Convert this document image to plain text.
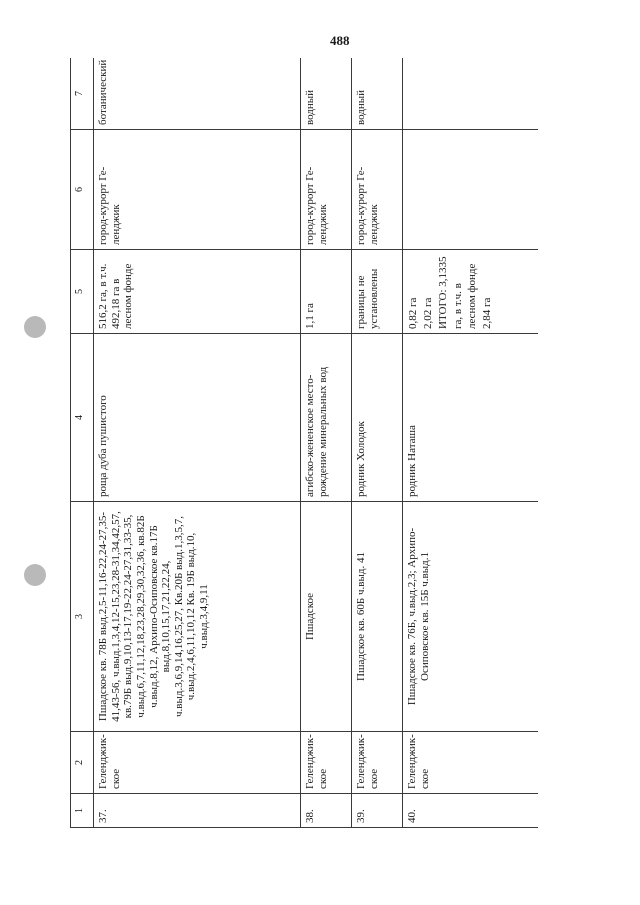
488
1	2	3	4	5	6	7
37.	Геленджик-ское	Пшадское кв. 78Б выд.2,5-11,16-22,24-27,35-41,43-56, ч.выд.1,3,4,12-15,23,28-31,34,42,57, кв.79Б выд.9,10,13-17,19-22,24-27,31,33-35, ч.выд.6,7,11,12,18,23,28,29,30,32,36, кв.82Б ч.выд.8,12, Архипо-Осиповское кв.17Б выд.8,10,15,17,21,22,24, ч.выд.3,6,9,14,16,25,27, Кв.20Б выд.1,3,5,7, ч.выд.2,4,6,11,10,12 Кв. 19Б выд.10, ч.выд.3,4,9,11	роща дуба пушистого	516,2 га, в т.ч. 492,18 га в лесном фонде	город-курорт Ге-ленджик	ботанический
38.	Геленджик-ское	Пшадское	агибско-жененское место-рождение минеральных вод	1,1 га	город-курорт Ге-ленджик	водный
39.	Геленджик-ское	Пшадское кв. 60Б ч.выд. 41	родник Холодок	границы не установлены	город-курорт Ге-ленджик	водный
40.	Геленджик-ское	Пшадское кв. 76Б, ч.выд.2,3; Архипо-Осиповское кв. 15Б ч.выд.1	родник Наташа	0,82 га 2,02 га ИТОГО: 3,1335 га, в т.ч. в лесном фонде 2,84 га		
